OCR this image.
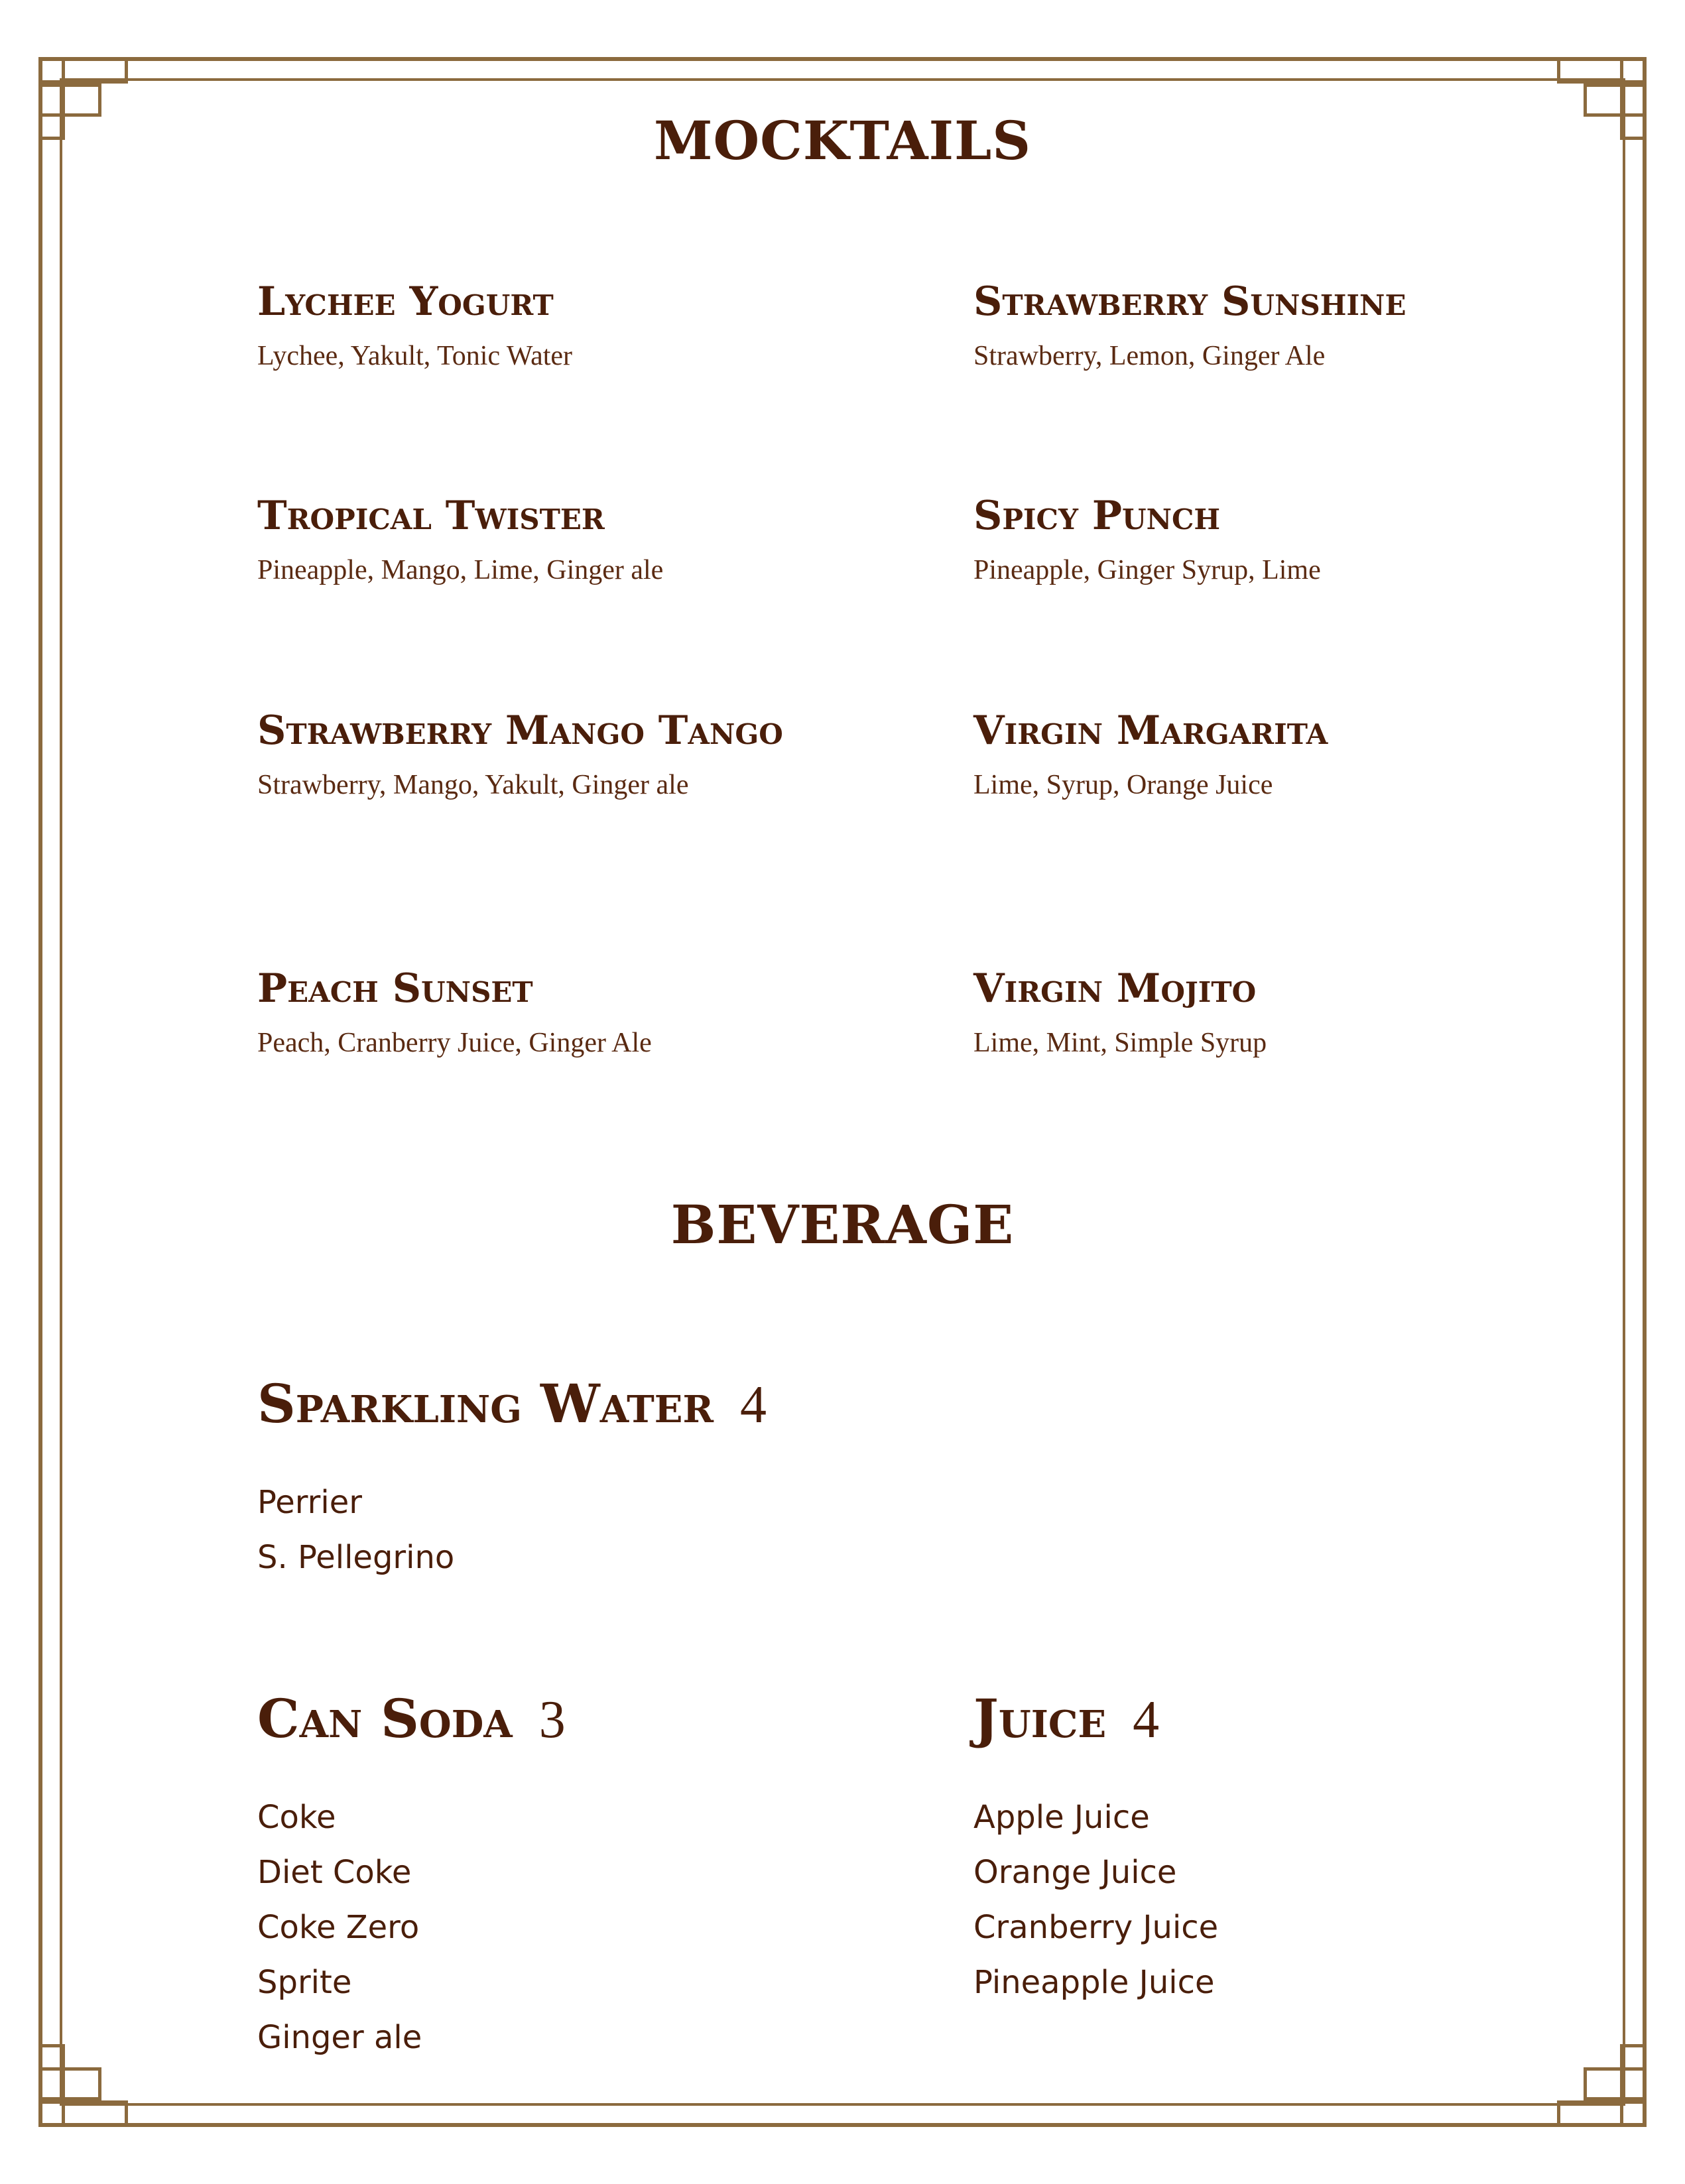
MOCKTAILS
Lychee Yogurt
Lychee, Yakult, Tonic Water
Strawberry Sunshine
Strawberry, Lemon, Ginger Ale
Tropical Twister
Pineapple, Mango, Lime, Ginger ale
Spicy Punch
Pineapple, Ginger Syrup, Lime
Strawberry Mango Tango
Strawberry, Mango, Yakult, Ginger ale
Virgin Margarita
Lime, Syrup, Orange Juice
Peach Sunset
Peach, Cranberry Juice, Ginger Ale
Virgin Mojito
Lime, Mint, Simple Syrup
BEVERAGE
Sparkling Water 4
Perrier
S. Pellegrino
Can Soda 3
Coke
Diet Coke
Coke Zero
Sprite
Ginger ale
Juice 4
Apple Juice
Orange Juice
Cranberry Juice
Pineapple Juice
